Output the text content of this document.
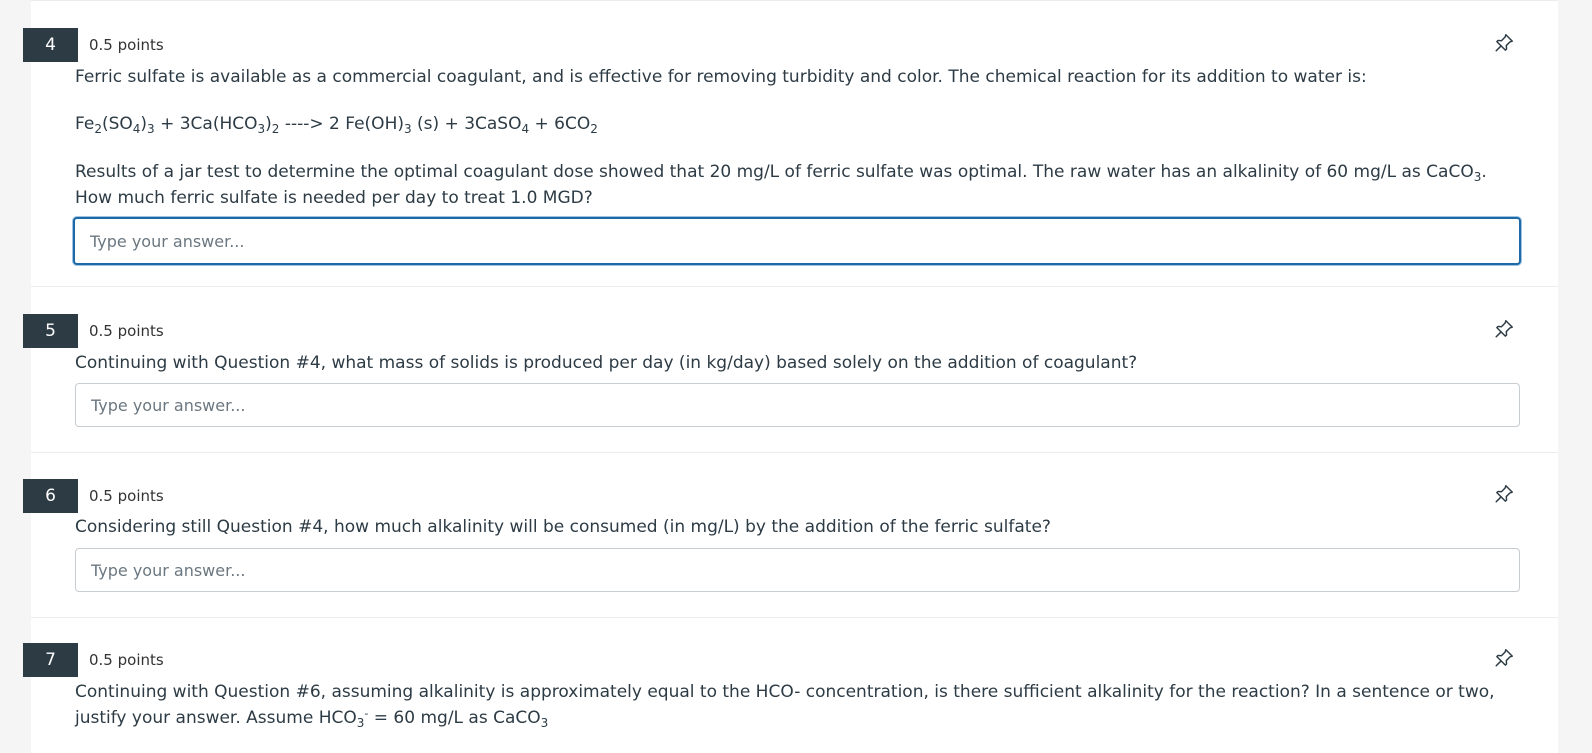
4	0.5 points
Ferric sulfate is available as a commercial coagulant, and is effective for removing turbidity and color. The chemical reaction for its addition to water is:
$Fe_2(SO_4)_3 + 3Ca(HCO_3)_2$ ----> 2 $Fe(OH)_3$ (s) + 3CaSO$_4$ + $6CO_2$
Results of a jar test to determine the optimal coagulant dose showed that 20 mg/L of ferric sulfate was optimal. The raw water has an alkalinity of 60 mg/L as CaCO$_3$. How much ferric sulfate is needed per day to treat 1.0 MGD?
Type your answer...
5	0.5 points
Continuing with Question #4, what mass of solids is produced per day (in kg/day) based solely on the addition of coagulant?
Type your answer...
6	0.5 points
Considering still Question #4, how much alkalinity will be consumed (in mg/L) by the addition of the ferric sulfate?
Type your answer...
7	0.5 points
Continuing with Question #6, assuming alkalinity is approximately equal to the HCO- concentration, is there sufficient alkalinity for the reaction? In a sentence or two, justify your answer. Assume $HCO_3^- = 60$ mg/L as CaCO$_3$
